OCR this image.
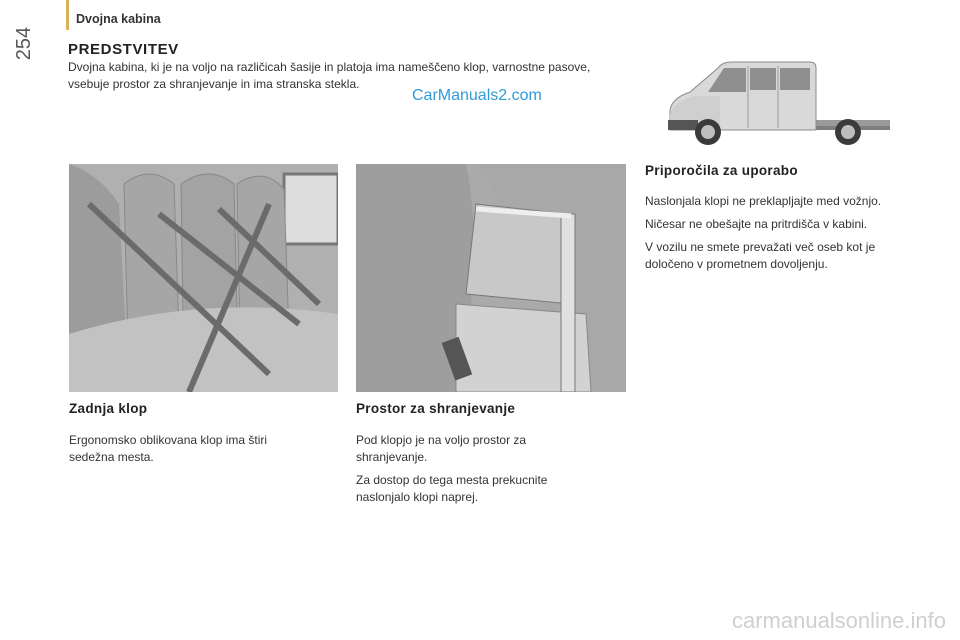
254
Dvojna kabina
PREDSTVITEV
Dvojna kabina, ki je na voljo na različicah šasije in platoja ima nameščeno klop, varnostne pasove, vsebuje prostor za shranjevanje in ima stranska stekla.
CarManuals2.com
Zadnja klop	Prostor za shranjevanje
Ergonomsko oblikovana klop ima štiri sedežna mesta.

Pod klopjo je na voljo prostor za shranjevanje.

Za dostop do tega mesta prekucnite naslonjalo klopi naprej.

Priporočila za uporabo

Naslonjala klopi ne preklapljajte med vožnjo.

Ničesar ne obešajte na pritrdišča v kabini.

V vozilu ne smete prevažati več oseb kot je določeno v prometnem dovoljenju.

carmanualsonline.info
